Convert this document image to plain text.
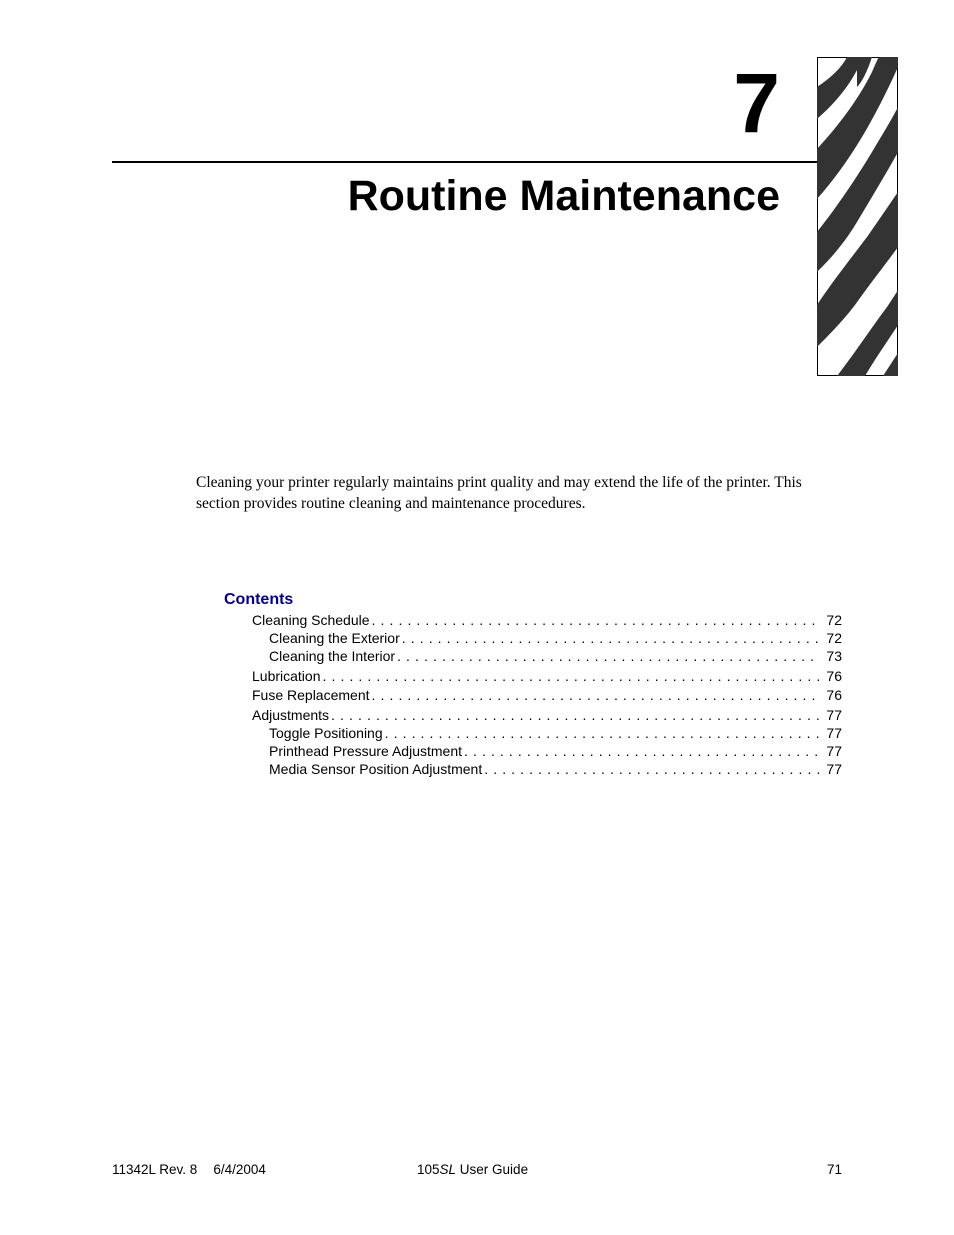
7
Routine Maintenance
Cleaning your printer regularly maintains print quality and may extend the life of the printer. This section provides routine cleaning and maintenance procedures.
Contents
Cleaning Schedule . . .	72
Cleaning the Exterior . . .	72
Cleaning the Interior . . .	73
Lubrication . . .	76
Fuse Replacement . . .	76
Adjustments . . .	77
Toggle Positioning . . .	77
Printhead Pressure Adjustment . . .	77
Media Sensor Position Adjustment . . .	77
11342L Rev. 8 6/4/2004	105SL User Guide	71
